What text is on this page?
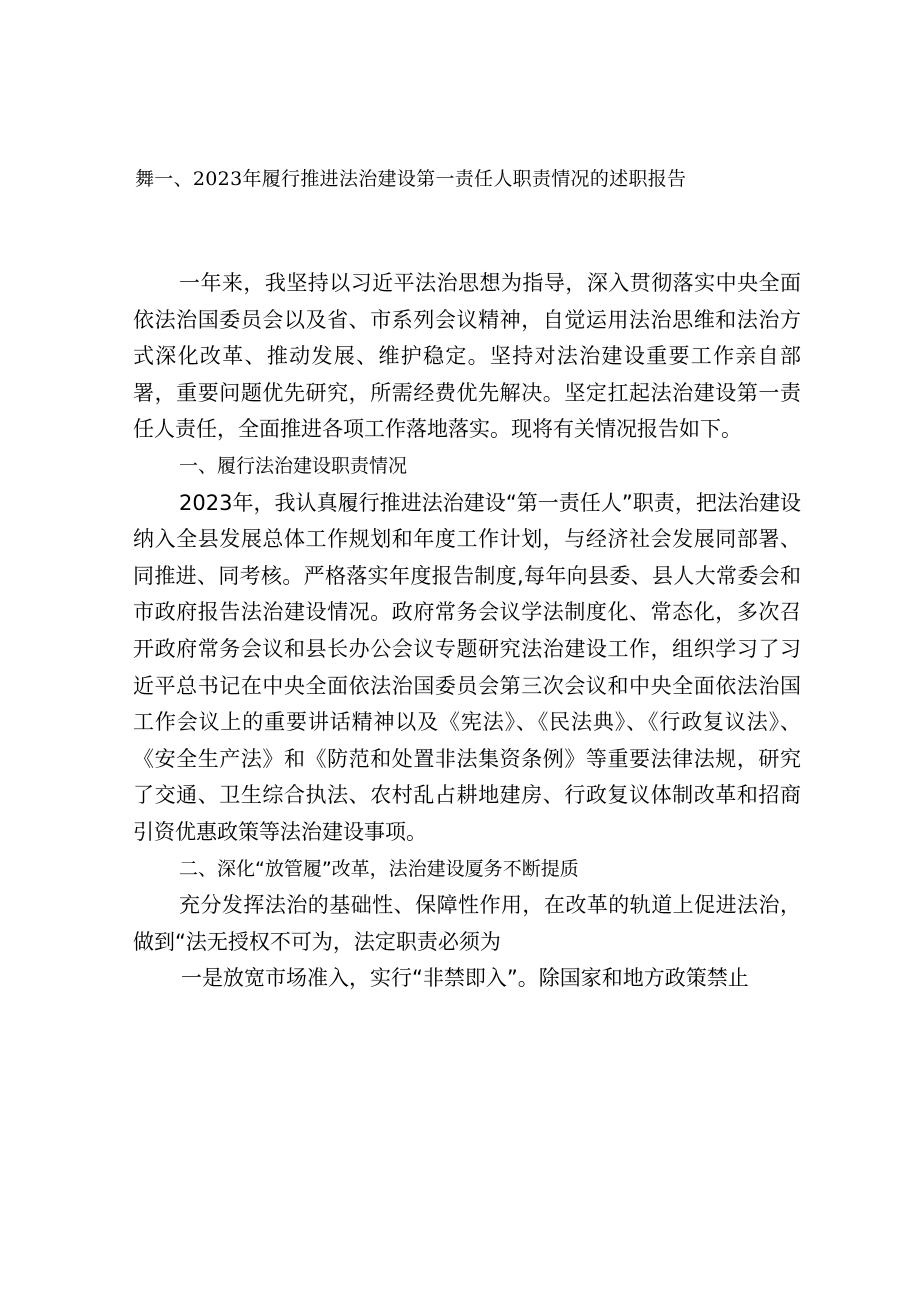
舞一、2023年履行推进法治建设第一责任人职责情况的述职报告

一年来，我坚持以习近平法治思想为指导，深入贯彻落实中央全面依法治国委员会以及省、市系列会议精神，自觉运用法治思维和法治方式深化改革、推动发展、维护稳定。坚持对法治建设重要工作亲自部署，重要问题优先研究，所需经费优先解决。坚定扛起法治建设第一责任人责任，全面推进各项工作落地落实。现将有关情况报告如下。

一、履行法治建设职责情况

2023年，我认真履行推进法治建设“第一责任人”职责，把法治建设纳入全县发展总体工作规划和年度工作计划，与经济社会发展同部署、同推进、同考核。严格落实年度报告制度,每年向县委、县人大常委会和市政府报告法治建设情况。政府常务会议学法制度化、常态化，多次召开政府常务会议和县长办公会议专题研究法治建设工作，组织学习了习近平总书记在中央全面依法治国委员会第三次会议和中央全面依法治国工作会议上的重要讲话精神以及《宪法》、《民法典》、《行政复议法》、《安全生产法》和《防范和处置非法集资条例》等重要法律法规，研究了交通、卫生综合执法、农村乱占耕地建房、行政复议体制改革和招商引资优惠政策等法治建设事项。

二、深化“放管履”改革，法治建设厦务不断提质

充分发挥法治的基础性、保障性作用，在改革的轨道上促进法治，做到“法无授权不可为，法定职责必须为

一是放宽市场准入，实行“非禁即入”。除国家和地方政策禁止
